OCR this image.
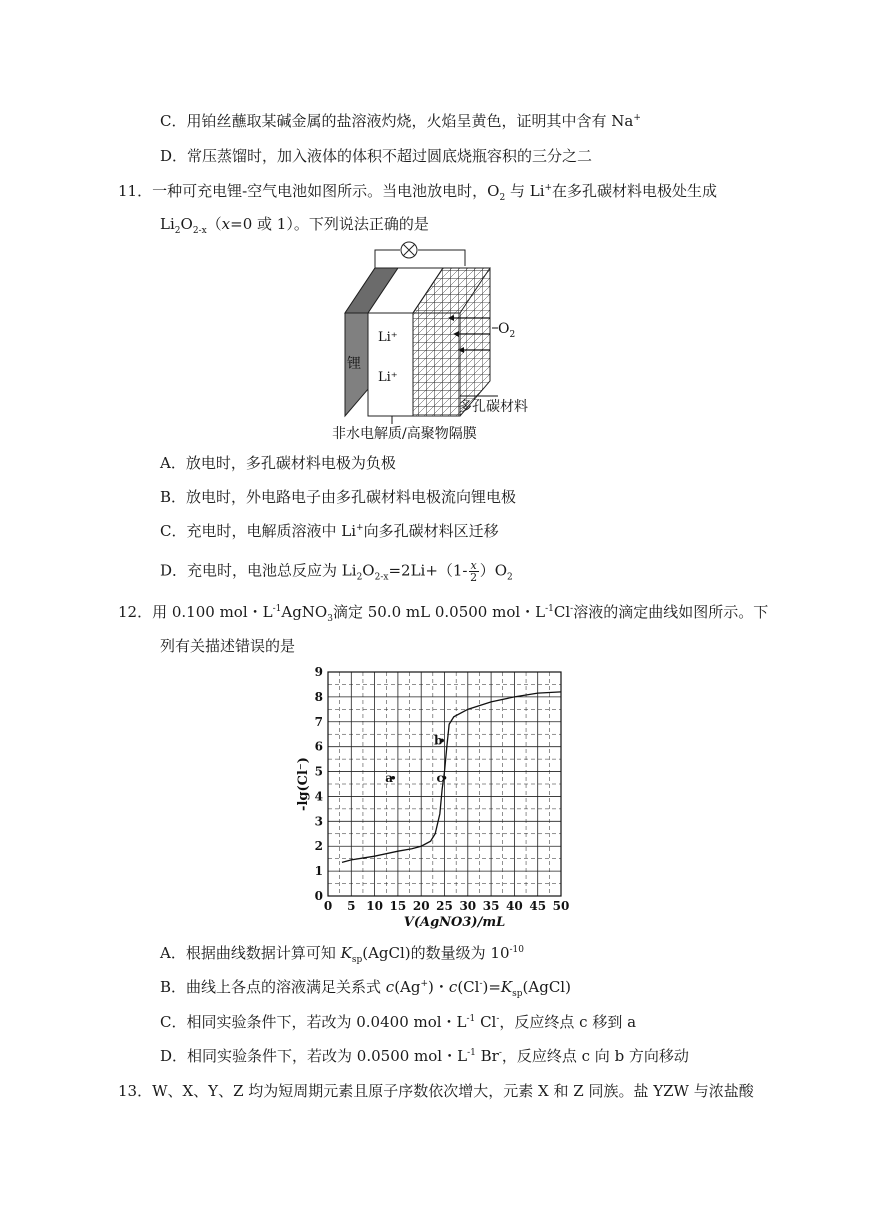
C．用铂丝蘸取某碱金属的盐溶液灼烧，火焰呈黄色，证明其中含有 Na+
D．常压蒸馏时，加入液体的体积不超过圆底烧瓶容积的三分之二
11．一种可充电锂-空气电池如图所示。当电池放电时，$O_2$ 与 Li+在多孔碳材料电极处生成
$Li_2O_{2-x}(x=0$ 或 1）。下列说法正确的是
锂
Li⁺
Li⁺
$O_2$
多孔碳材料
非水电解质/高聚物隔膜
A．放电时，多孔碳材料电极为负极
B．放电时，外电路电子由多孔碳材料电极流向锂电极
C．充电时，电解质溶液中 Li+向多孔碳材料区迁移
D．充电时，电池总反应为 $Li_2O_{2-x}=2Li+(1- \frac{x}{2} )O_2$
12．用 0.100 mol・$L^{-1}AgNO_3$滴定 50.0 mL 0.0500 mol・$L^{-1}Cl^-$溶液的滴定曲线如图所示。下
列有关描述错误的是
0 5 10 15 20 25 30 35 40 45 50
0
1
2
3
4
5
6
7
8
9
V(AgNO3)/mL
-lg(Cl⁻)	a
b
c
A．根据曲线数据计算可知 $K_{sp}(AgCl)$的数量级为 $10^{-10}$
B．曲线上各点的溶液满足关系式 c(Ag+)・$c(Cl^-)=K_{sp}(AgCl)$
C．相同实验条件下，若改为 0.0400 mol・$L^{-1}$ Cl-，反应终点 c 移到 a
D．相同实验条件下，若改为 0.0500 mol・$L^{-1}$ Br-，反应终点 c 向 b 方向移动
13．W、X、Y、Z 均为短周期元素且原子序数依次增大，元素 X 和 Z 同族。盐 YZW 与浓盐酸
